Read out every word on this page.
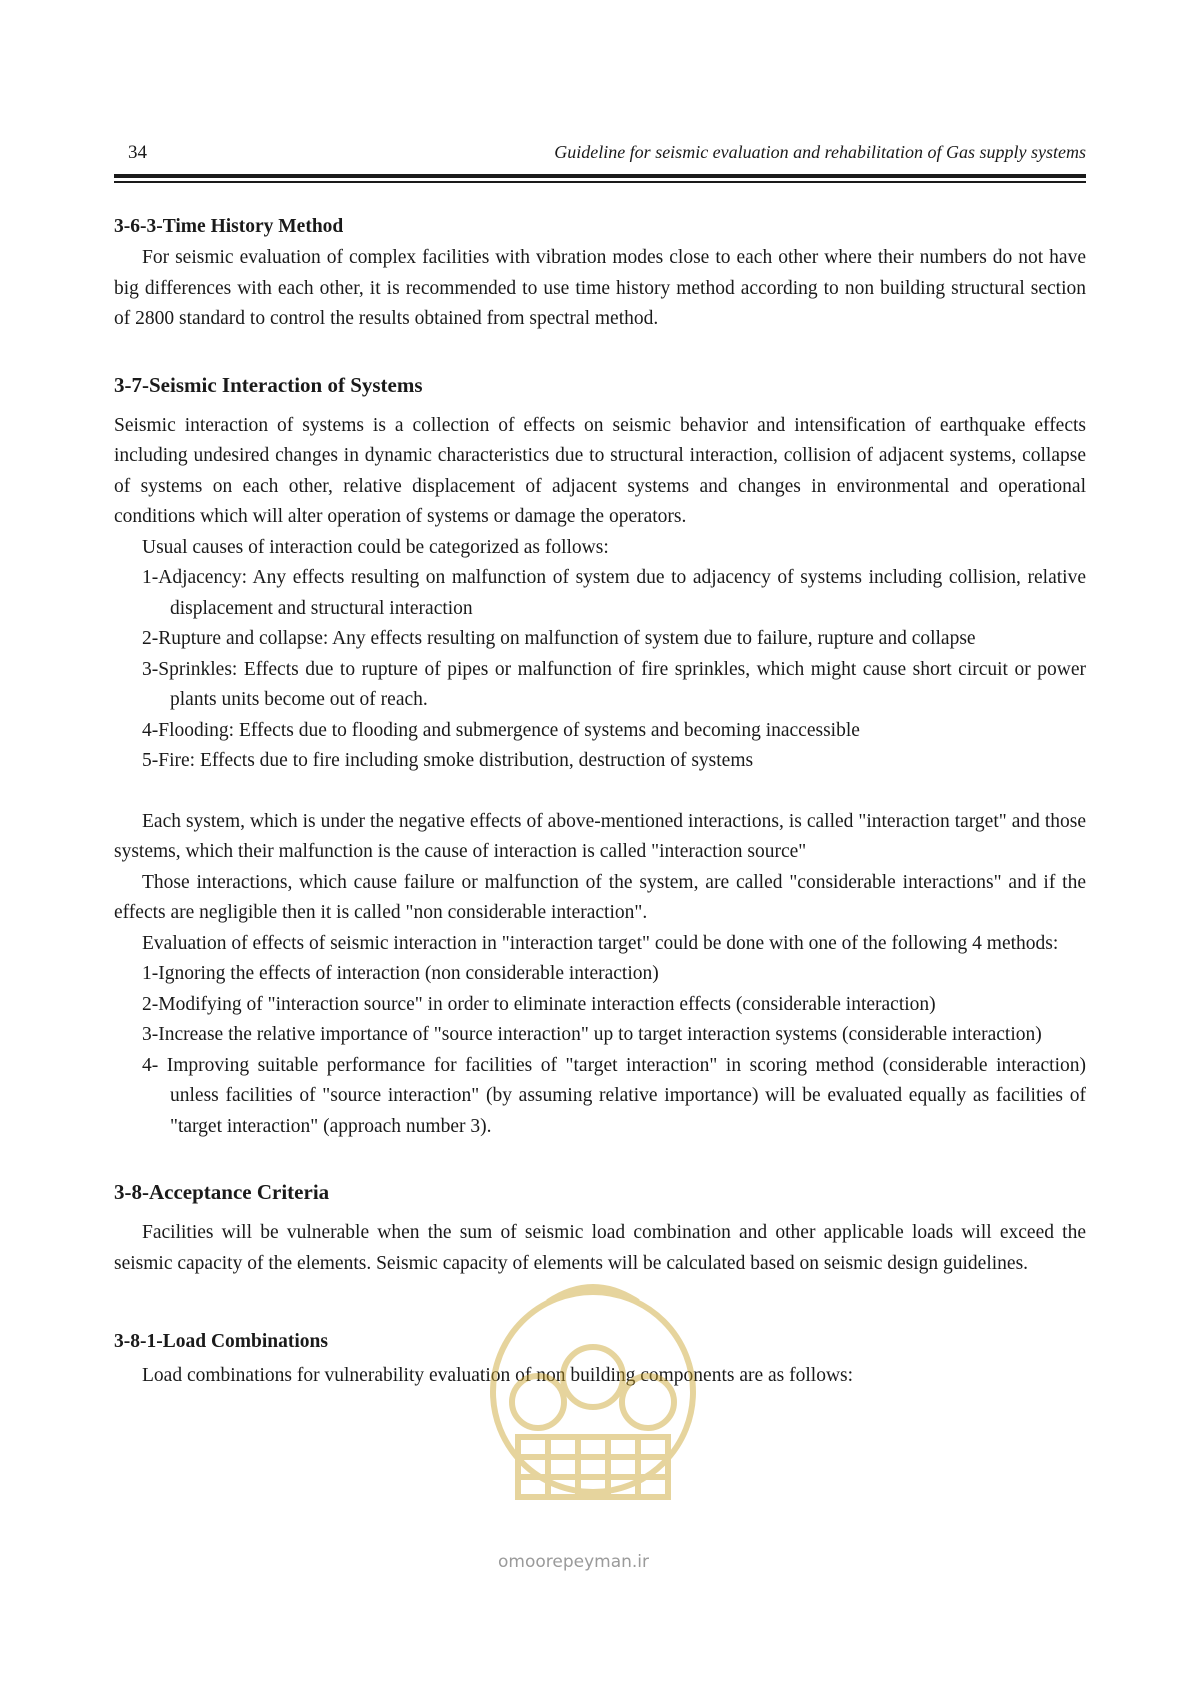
34	Guideline for seismic evaluation and rehabilitation of Gas supply systems

3-6-3-Time History Method

For seismic evaluation of complex facilities with vibration modes close to each other where their numbers do not have big differences with each other, it is recommended to use time history method according to non building structural section of 2800 standard to control the results obtained from spectral method.

3-7-Seismic Interaction of Systems

Seismic interaction of systems is a collection of effects on seismic behavior and intensification of earthquake effects including undesired changes in dynamic characteristics due to structural interaction, collision of adjacent systems, collapse of systems on each other, relative displacement of adjacent systems and changes in environmental and operational conditions which will alter operation of systems or damage the operators.

Usual causes of interaction could be categorized as follows:

1-Adjacency: Any effects resulting on malfunction of system due to adjacency of systems including collision, relative displacement and structural interaction

2-Rupture and collapse: Any effects resulting on malfunction of system due to failure, rupture and collapse

3-Sprinkles: Effects due to rupture of pipes or malfunction of fire sprinkles, which might cause short circuit or power plants units become out of reach.

4-Flooding: Effects due to flooding and submergence of systems and becoming inaccessible

5-Fire: Effects due to fire including smoke distribution, destruction of systems

Each system, which is under the negative effects of above-mentioned interactions, is called "interaction target" and those systems, which their malfunction is the cause of interaction is called "interaction source"

Those interactions, which cause failure or malfunction of the system, are called "considerable interactions" and if the effects are negligible then it is called "non considerable interaction".

Evaluation of effects of seismic interaction in "interaction target" could be done with one of the following 4 methods:

1-Ignoring the effects of interaction (non considerable interaction)

2-Modifying of "interaction source" in order to eliminate interaction effects (considerable interaction)

3-Increase the relative importance of "source interaction" up to target interaction systems (considerable interaction)

4- Improving suitable performance for facilities of "target interaction" in scoring method (considerable interaction) unless facilities of "source interaction" (by assuming relative importance) will be evaluated equally as facilities of "target interaction" (approach number 3).

3-8-Acceptance Criteria

Facilities will be vulnerable when the sum of seismic load combination and other applicable loads will exceed the seismic capacity of the elements. Seismic capacity of elements will be calculated based on seismic design guidelines.

3-8-1-Load Combinations

Load combinations for vulnerability evaluation of non building components are as follows:

omoorepeyman.ir
